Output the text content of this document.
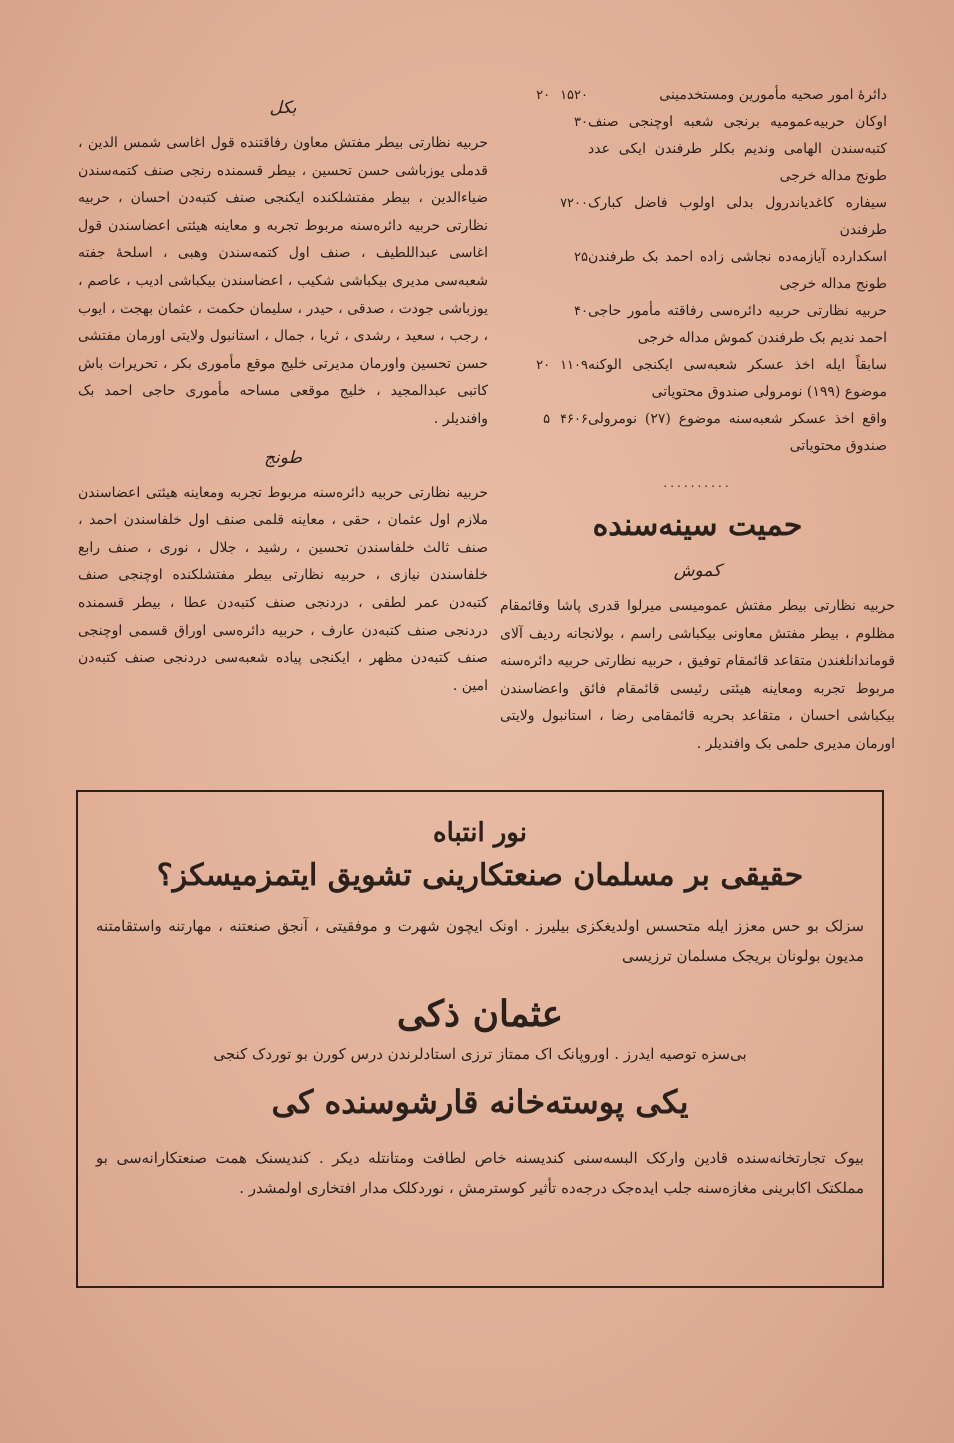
بکل

حربیه نظارتی بیطر مفتش معاون رفاقتنده قول اغاسی شمس الدین ، قدملی یوزباشی حسن تحسین ، بیطر قسمنده رنجی صنف کتمه‌سندن ضیاءالدین ، بیطر مفتشلکنده ایکنجی صنف کتبه‌دن احسان ، حربیه نظارتی حربیه دائره‌سنه مربوط تجربه و معاینه هیئتی اعضاسندن قول اغاسی عبداللطیف ، صنف اول کتمه‌سندن وهبی ، اسلحهٔ جفته شعبه‌سی مدیری بیکباشی شکیب ، اعضاسندن بیکباشی ادیب ، عاصم ، یوزباشی جودت ، صدقی ، حیدر ، سلیمان حکمت ، عثمان بهجت ، ایوب ، رجب ، سعید ، رشدی ، ثریا ، جمال ، استانبول ولایتی اورمان مفتشی حسن تحسین واورمان مدیرتی خلیج موقع مأموری بکر ، تحریرات باش کاتبی عبدالمجید ، خلیج موقعی مساحه مأموری حاجی احمد بک وافندیلر .

طونج

حربیه نظارتی حربیه دائره‌سنه مربوط تجربه ومعاینه هیئتی اعضاسندن ملازم اول عثمان ، حقی ، معاینه قلمی صنف اول خلفاسندن احمد ، صنف ثالث خلفاسندن تحسین ، رشید ، جلال ، نوری ، صنف رابع خلفاسندن نیازی ، حربیه نظارتی بیطر مفتشلکنده اوچنجی صنف کتبه‌دن عمر لطفی ، دردنجی صنف کتبه‌دن عطا ، بیطر قسمنده دردنجی صنف کتبه‌دن عارف ، حربیه دائره‌سی اوراق قسمی اوچنجی صنف کتبه‌دن مظهر ، ایکنجی پیاده شعبه‌سی دردنجی صنف کتبه‌دن امین .

دائرهٔ امور صحیه مأمورین ومستخدمینی
۲۰ ۱۵۲۰
اوکان حربیه‌عمومیه برنجی شعبه اوچنجی صنف کتبه‌سندن الهامی وندیم بکلر طرفندن ایکی عدد طونج مداله خرجی
۳۰
سیفاره کاغدیاندرول بدلی اولوب فاضل کبارک طرفندن
۷۲۰۰
اسکدارده آیازمه‌ده نجاشی زاده احمد بک طرفندن طونج مداله خرجی
۲۵
حربیه نظارتی حربیه دائره‌سی رفاقته مأمور حاجی احمد ندیم بک طرفندن کموش مداله خرجی
۴۰
سابقاً ایله اخذ عسکر شعبه‌سی ایکنجی الوکنه موضوع (۱۹۹) نومرولی صندوق محتویاتی
۲۰ ۱۱۰۹
واقع اخذ عسکر شعبه‌سنه موضوع (۲۷) نومرولی صندوق محتویاتی
۵ ۴۶۰۶
..........
حمیت سینه‌سنده
کموش

حربیه نظارتی بیطر مفتش عمومیسی میرلوا قدری پاشا وقائمقام مظلوم ، بیطر مفتش معاونی بیکباشی راسم ، بولانجانه ردیف آلای قوماندانلغندن متقاعد قائمقام توفیق ، حربیه نظارتی حربیه دائره‌سنه مربوط تجربه ومعاینه هیئتی رئیسی قائمقام فائق واعضاسندن بیکباشی احسان ، متقاعد بحریه قائمقامی رضا ، استانبول ولایتی اورمان مدیری حلمی بک وافندیلر .

نور انتباه
حقیقی بر مسلمان صنعتکارینی تشویق ایتمزمیسکز؟
سزلک بو حس معزز ایله متحسس اولدیغکزی بیلیرز . اونک ایچون شهرت و موفقیتی ، آنجق صنعتنه ، مهارتنه واستقامتنه مدیون بولونان بریجک مسلمان ترزیسی
عثمان ذکی
بی‌سزه توصیه ایدرز . اوروپانک اک ممتاز ترزی استادلرندن درس کورن بو توردک کنجی
یکی پوسته‌خانه قارشوسنده کی
بیوک تجارتخانه‌سنده قادین وارکک البسه‌سنی کندیسنه خاص لطافت ومتانتله دیکر . کندیسنک همت صنعتکارانه‌سی بو مملکتک اکابرینی مغازه‌سنه جلب ایده‌جک درجه‌ده تأثیر کوسترمش ، نوردکلک مدار افتخاری اولمشدر .
